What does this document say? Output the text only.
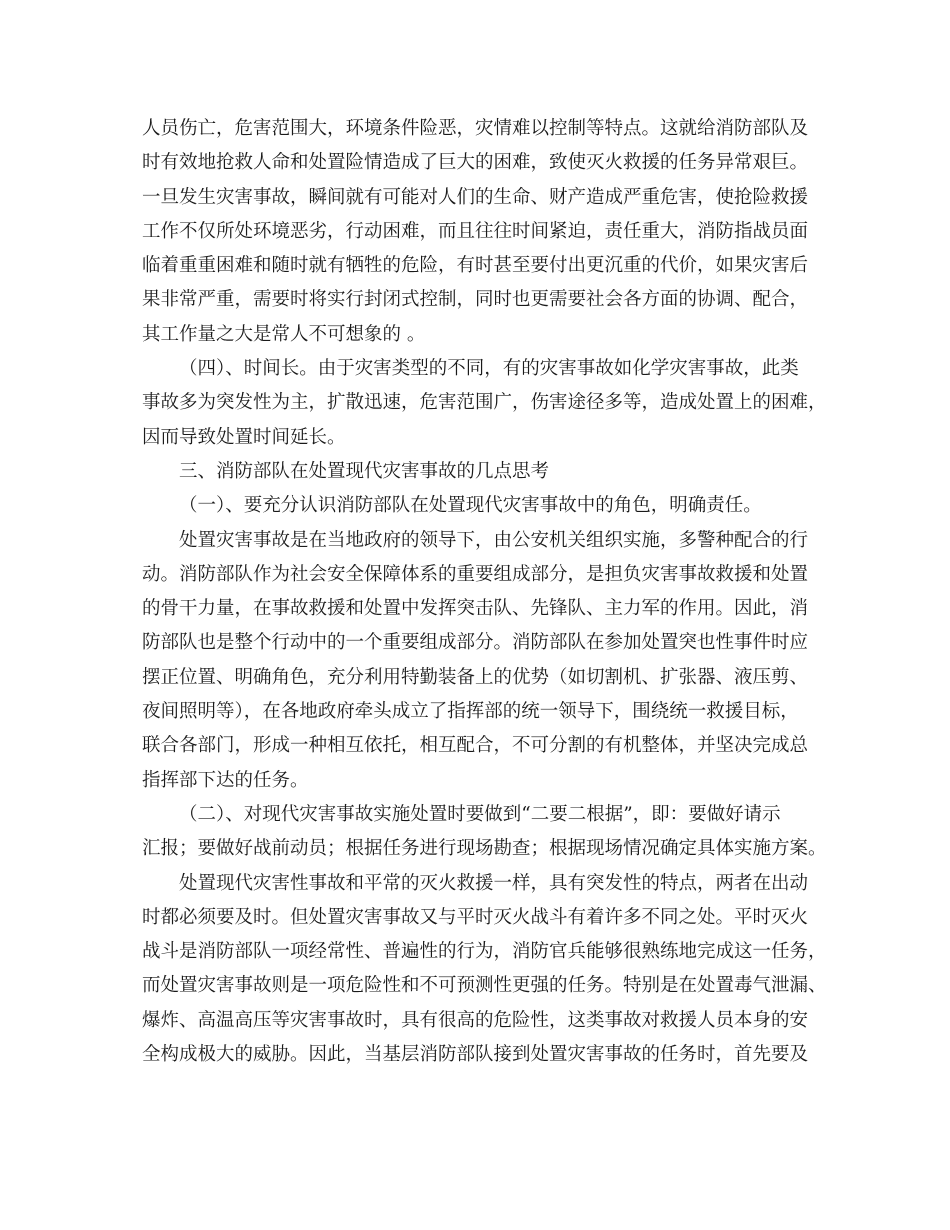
人员伤亡，危害范围大，环境条件险恶，灾情难以控制等特点。这就给消防部队及
时有效地抢救人命和处置险情造成了巨大的困难，致使灭火救援的任务异常艰巨。
一旦发生灾害事故，瞬间就有可能对人们的生命、财产造成严重危害，使抢险救援
工作不仅所处环境恶劣，行动困难，而且往往时间紧迫，责任重大，消防指战员面
临着重重困难和随时就有牺牲的危险，有时甚至要付出更沉重的代价，如果灾害后
果非常严重，需要时将实行封闭式控制，同时也更需要社会各方面的协调、配合，
其工作量之大是常人不可想象的 。
（四）、时间长。由于灾害类型的不同，有的灾害事故如化学灾害事故，此类
事故多为突发性为主，扩散迅速，危害范围广，伤害途径多等，造成处置上的困难，
因而导致处置时间延长。
三、消防部队在处置现代灾害事故的几点思考
（一）、要充分认识消防部队在处置现代灾害事故中的角色，明确责任。
处置灾害事故是在当地政府的领导下，由公安机关组织实施，多警种配合的行
动。消防部队作为社会安全保障体系的重要组成部分，是担负灾害事故救援和处置
的骨干力量，在事故救援和处置中发挥突击队、先锋队、主力军的作用。因此，消
防部队也是整个行动中的一个重要组成部分。消防部队在参加处置突也性事件时应
摆正位置、明确角色，充分利用特勤装备上的优势（如切割机、扩张器、液压剪、
夜间照明等），在各地政府牵头成立了指挥部的统一领导下，围绕统一救援目标，
联合各部门，形成一种相互依托，相互配合，不可分割的有机整体，并坚决完成总
指挥部下达的任务。
（二）、对现代灾害事故实施处置时要做到“二要二根据”，即：要做好请示
汇报；要做好战前动员；根据任务进行现场勘查；根据现场情况确定具体实施方案。
处置现代灾害性事故和平常的灭火救援一样，具有突发性的特点，两者在出动
时都必须要及时。但处置灾害事故又与平时灭火战斗有着许多不同之处。平时灭火
战斗是消防部队一项经常性、普遍性的行为，消防官兵能够很熟练地完成这一任务，
而处置灾害事故则是一项危险性和不可预测性更强的任务。特别是在处置毒气泄漏、
爆炸、高温高压等灾害事故时，具有很高的危险性，这类事故对救援人员本身的安
全构成极大的威胁。因此，当基层消防部队接到处置灾害事故的任务时，首先要及
